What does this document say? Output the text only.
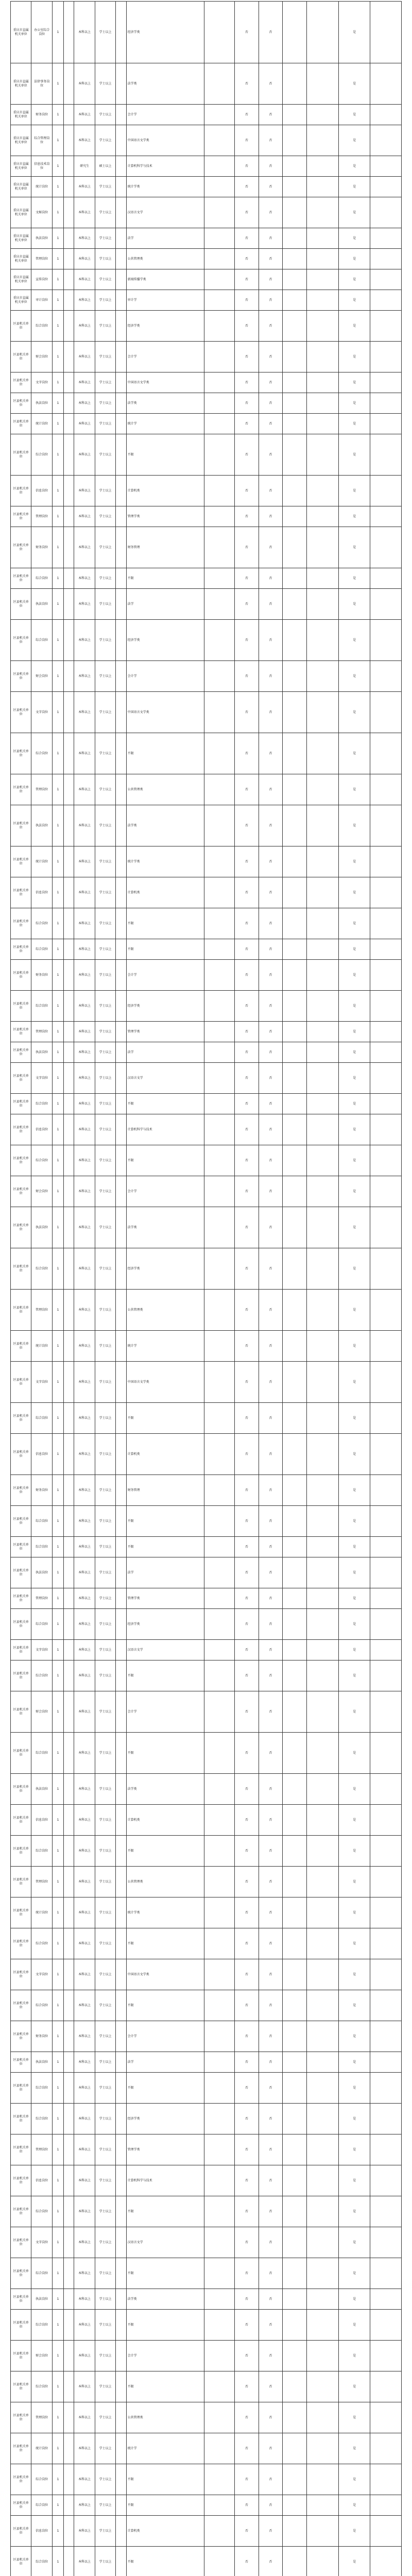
重庆市直属机关单位	办公室综合岗位	1		本科以上	学士以上		经济学类		否	否			是	
重庆市直属机关单位	法律事务岗位	1		本科以上	学士以上		法学类		否	否			是	
重庆市直属机关单位	财务岗位	1		本科以上	学士以上		会计学		否	否			是	
重庆市直属机关单位	综合管理岗位	1		本科以上	学士以上		中国语言文学类		否	否			是	
重庆市直属机关单位	信息技术岗位	1		研究生	硕士以上		计算机科学与技术		否	否			是	
重庆市直属机关单位	统计岗位	1		本科以上	学士以上		统计学类		否	否			是	
重庆市直属机关单位	文秘岗位	1		本科以上	学士以上		汉语言文学		否	否			是	
重庆市直属机关单位	执法岗位	1		本科以上	学士以上		法学		否	否			是	
重庆市直属机关单位	管理岗位	1		本科以上	学士以上		公共管理类		否	否			是	
重庆市直属机关单位	宣传岗位	1		本科以上	学士以上		新闻传播学类		否	否			是	
重庆市直属机关单位	审计岗位	1		本科以上	学士以上		审计学		否	否			是	
区县机关单位	综合岗位	1		本科以上	学士以上		经济学类		否	否			是	
区县机关单位	财会岗位	1		本科以上	学士以上		会计学		否	否			是	
区县机关单位	文字岗位	1		本科以上	学士以上		中国语言文学类		否	否			是	
区县机关单位	执法岗位	1		本科以上	学士以上		法学类		否	否			是	
区县机关单位	统计岗位	1		本科以上	学士以上		统计学		否	否			是	
区县机关单位	综合岗位	1		本科以上	学士以上		不限		否	否			是	
区县机关单位	信息岗位	1		本科以上	学士以上		计算机类		否	否			是	
区县机关单位	管理岗位	1		本科以上	学士以上		管理学类		否	否			是	
区县机关单位	财务岗位	1		本科以上	学士以上		财务管理		否	否			是	
区县机关单位	综合岗位	1		本科以上	学士以上		不限		否	否			是	
区县机关单位	执法岗位	1		本科以上	学士以上		法学		否	否			是	
区县机关单位	综合岗位	1		本科以上	学士以上		经济学类		否	否			是	
区县机关单位	财会岗位	1		本科以上	学士以上		会计学		否	否			是	
区县机关单位	文字岗位	1		本科以上	学士以上		中国语言文学类		否	否			是	
区县机关单位	综合岗位	1		本科以上	学士以上		不限		否	否			是	
区县机关单位	管理岗位	1		本科以上	学士以上		公共管理类		否	否			是	
区县机关单位	执法岗位	1		本科以上	学士以上		法学类		否	否			是	
区县机关单位	统计岗位	1		本科以上	学士以上		统计学类		否	否			是	
区县机关单位	信息岗位	1		本科以上	学士以上		计算机类		否	否			是	
区县机关单位	综合岗位	1		本科以上	学士以上		不限		否	否			是	
区县机关单位	综合岗位	1		本科以上	学士以上		不限		否	否			是	
区县机关单位	财务岗位	1		本科以上	学士以上		会计学		否	否			是	
区县机关单位	综合岗位	1		本科以上	学士以上		经济学类		否	否			是	
区县机关单位	管理岗位	1		本科以上	学士以上		管理学类		否	否			是	
区县机关单位	执法岗位	1		本科以上	学士以上		法学		否	否			是	
区县机关单位	文字岗位	1		本科以上	学士以上		汉语言文学		否	否			是	
区县机关单位	综合岗位	1		本科以上	学士以上		不限		否	否			是	
区县机关单位	信息岗位	1		本科以上	学士以上		计算机科学与技术		否	否			是	
区县机关单位	综合岗位	1		本科以上	学士以上		不限		否	否			是	
区县机关单位	财会岗位	1		本科以上	学士以上		会计学		否	否			是	
区县机关单位	执法岗位	1		本科以上	学士以上		法学类		否	否			是	
区县机关单位	综合岗位	1		本科以上	学士以上		经济学类		否	否			是	
区县机关单位	管理岗位	1		本科以上	学士以上		公共管理类		否	否			是	
区县机关单位	统计岗位	1		本科以上	学士以上		统计学		否	否			是	
区县机关单位	文字岗位	1		本科以上	学士以上		中国语言文学类		否	否			是	
区县机关单位	综合岗位	1		本科以上	学士以上		不限		否	否			是	
区县机关单位	信息岗位	1		本科以上	学士以上		计算机类		否	否			是	
区县机关单位	财务岗位	1		本科以上	学士以上		财务管理		否	否			是	
区县机关单位	综合岗位	1		本科以上	学士以上		不限		否	否			是	
区县机关单位	综合岗位	1		本科以上	学士以上		不限		否	否			是	
区县机关单位	执法岗位	1		本科以上	学士以上		法学		否	否			是	
区县机关单位	管理岗位	1		本科以上	学士以上		管理学类		否	否			是	
区县机关单位	综合岗位	1		本科以上	学士以上		经济学类		否	否			是	
区县机关单位	文字岗位	1		本科以上	学士以上		汉语言文学		否	否			是	
区县机关单位	综合岗位	1		本科以上	学士以上		不限		否	否			是	
区县机关单位	财会岗位	1		本科以上	学士以上		会计学		否	否			是	
区县机关单位	综合岗位	1		本科以上	学士以上		不限		否	否			是	
区县机关单位	执法岗位	1		本科以上	学士以上		法学类		否	否			是	
区县机关单位	信息岗位	1		本科以上	学士以上		计算机类		否	否			是	
区县机关单位	综合岗位	1		本科以上	学士以上		不限		否	否			是	
区县机关单位	管理岗位	1		本科以上	学士以上		公共管理类		否	否			是	
区县机关单位	统计岗位	1		本科以上	学士以上		统计学类		否	否			是	
区县机关单位	综合岗位	1		本科以上	学士以上		不限		否	否			是	
区县机关单位	文字岗位	1		本科以上	学士以上		中国语言文学类		否	否			是	
区县机关单位	综合岗位	1		本科以上	学士以上		不限		否	否			是	
区县机关单位	财务岗位	1		本科以上	学士以上		会计学		否	否			是	
区县机关单位	执法岗位	1		本科以上	学士以上		法学		否	否			是	
区县机关单位	综合岗位	1		本科以上	学士以上		不限		否	否			是	
区县机关单位	综合岗位	1		本科以上	学士以上		经济学类		否	否			是	
区县机关单位	管理岗位	1		本科以上	学士以上		管理学类		否	否			是	
区县机关单位	信息岗位	1		本科以上	学士以上		计算机科学与技术		否	否			是	
区县机关单位	综合岗位	1		本科以上	学士以上		不限		否	否			是	
区县机关单位	文字岗位	1		本科以上	学士以上		汉语言文学		否	否			是	
区县机关单位	综合岗位	1		本科以上	学士以上		不限		否	否			是	
区县机关单位	执法岗位	1		本科以上	学士以上		法学类		否	否			是	
区县机关单位	综合岗位	1		本科以上	学士以上		不限		否	否			是	
区县机关单位	财会岗位	1		本科以上	学士以上		会计学		否	否			是	
区县机关单位	综合岗位	1		本科以上	学士以上		不限		否	否			是	
区县机关单位	管理岗位	1		本科以上	学士以上		公共管理类		否	否			是	
区县机关单位	统计岗位	1		本科以上	学士以上		统计学		否	否			是	
区县机关单位	综合岗位	1		本科以上	学士以上		不限		否	否			是	
区县机关单位	综合岗位	1		本科以上	学士以上		不限		否	否			是	
区县机关单位	信息岗位	1		本科以上	学士以上		计算机类		否	否			是	
区县机关单位	综合岗位	1		本科以上	学士以上		不限		否	否			是	
